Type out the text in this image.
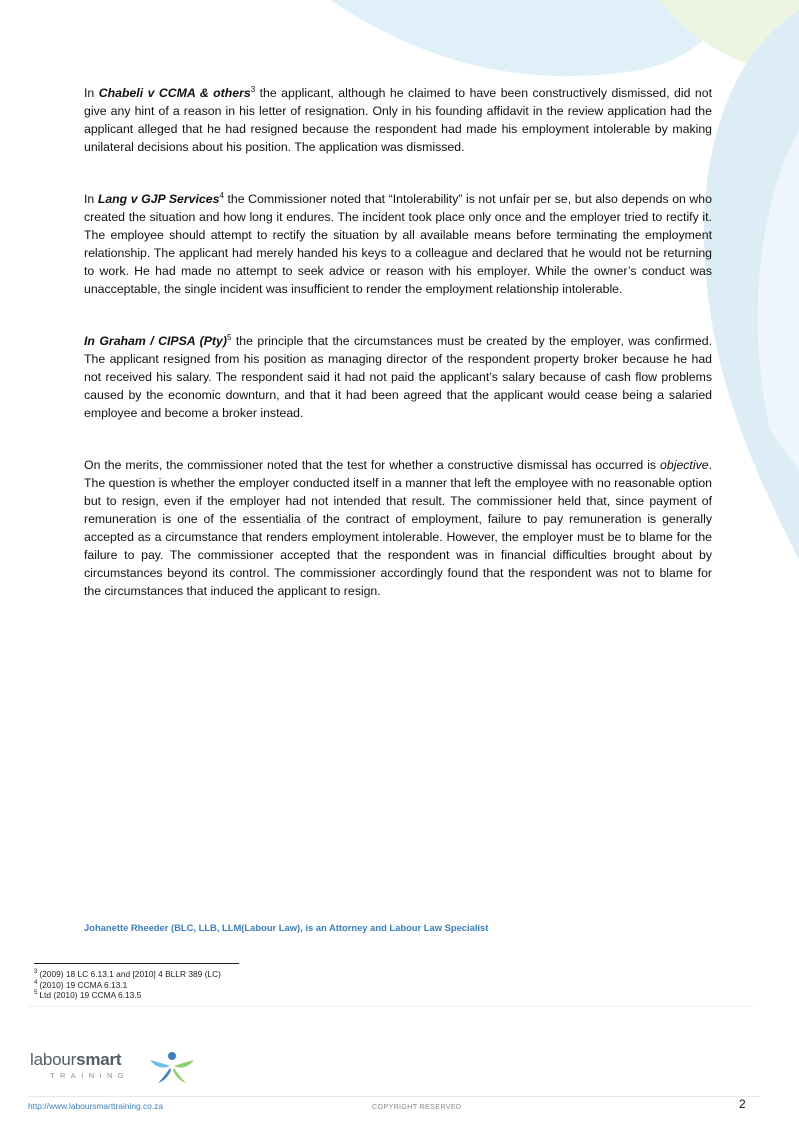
In Chabeli v CCMA & others$^3$ the applicant, although he claimed to have been constructively dismissed, did not give any hint of a reason in his letter of resignation. Only in his founding affidavit in the review application had the applicant alleged that he had resigned because the respondent had made his employment intolerable by making unilateral decisions about his position. The application was dismissed.

In Lang v GJP Services$^4$ the Commissioner noted that “Intolerability” is not unfair per se, but also depends on who created the situation and how long it endures. The incident took place only once and the employer tried to rectify it. The employee should attempt to rectify the situation by all available means before terminating the employment relationship. The applicant had merely handed his keys to a colleague and declared that he would not be returning to work. He had made no attempt to seek advice or reason with his employer. While the owner’s conduct was unacceptable, the single incident was insufficient to render the employment relationship intolerable.

In Graham / CIPSA (Pty)$^5$ the principle that the circumstances must be created by the employer, was confirmed. The applicant resigned from his position as managing director of the respondent property broker because he had not received his salary. The respondent said it had not paid the applicant’s salary because of cash flow problems caused by the economic downturn, and that it had been agreed that the applicant would cease being a salaried employee and become a broker instead.

On the merits, the commissioner noted that the test for whether a constructive dismissal has occurred is objective. The question is whether the employer conducted itself in a manner that left the employee with no reasonable option but to resign, even if the employer had not intended that result. The commissioner held that, since payment of remuneration is one of the essentialia of the contract of employment, failure to pay remuneration is generally accepted as a circumstance that renders employment intolerable. However, the employer must be to blame for the failure to pay. The commissioner accepted that the respondent was in financial difficulties brought about by circumstances beyond its control. The commissioner accordingly found that the respondent was not to blame for the circumstances that induced the applicant to resign.

Johanette Rheeder (BLC, LLB, LLM(Labour Law), is an Attorney and Labour Law Specialist
$^3$ (2009) 18 LC 6.13.1 and [2010] 4 BLLR 389 (LC)
$^4$ (2010) 19 CCMA 6.13.1
$^5$ Ltd (2010) 19 CCMA 6.13.5
laboursmart
TRAINING
http://www.laboursmarttraining.co.za	COPYRIGHT RESERVED	2
